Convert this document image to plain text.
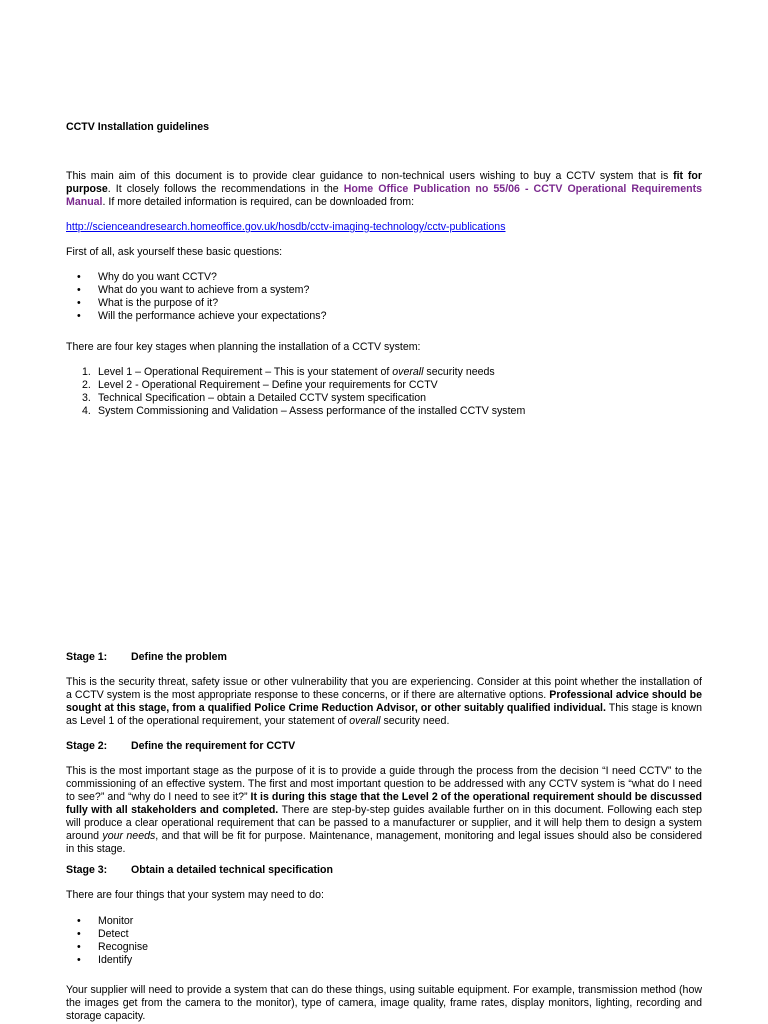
CCTV Installation guidelines
This main aim of this document is to provide clear guidance to non-technical users wishing to buy a CCTV system that is fit for purpose. It closely follows the recommendations in the Home Office Publication no 55/06 - CCTV Operational Requirements Manual. If more detailed information is required, can be downloaded from:
http://scienceandresearch.homeoffice.gov.uk/hosdb/cctv-imaging-technology/cctv-publications
First of all, ask yourself these basic questions:
• Why do you want CCTV?
• What do you want to achieve from a system?
• What is the purpose of it?
• Will the performance achieve your expectations?
There are four key stages when planning the installation of a CCTV system:
1. Level 1 – Operational Requirement – This is your statement of overall security needs
2. Level 2 - Operational Requirement – Define your requirements for CCTV
3. Technical Specification – obtain a Detailed CCTV system specification
4. System Commissioning and Validation – Assess performance of the installed CCTV system
Stage 1: Define the problem
This is the security threat, safety issue or other vulnerability that you are experiencing. Consider at this point whether the installation of a CCTV system is the most appropriate response to these concerns, or if there are alternative options. Professional advice should be sought at this stage, from a qualified Police Crime Reduction Advisor, or other suitably qualified individual. This stage is known as Level 1 of the operational requirement, your statement of overall security need.
Stage 2: Define the requirement for CCTV
This is the most important stage as the purpose of it is to provide a guide through the process from the decision “I need CCTV” to the commissioning of an effective system. The first and most important question to be addressed with any CCTV system is “what do I need to see?” and “why do I need to see it?” It is during this stage that the Level 2 of the operational requirement should be discussed fully with all stakeholders and completed. There are step-by-step guides available further on in this document. Following each step will produce a clear operational requirement that can be passed to a manufacturer or supplier, and it will help them to design a system around your needs, and that will be fit for purpose. Maintenance, management, monitoring and legal issues should also be considered in this stage.
Stage 3: Obtain a detailed technical specification
There are four things that your system may need to do:
• Monitor
• Detect
• Recognise
• Identify
Your supplier will need to provide a system that can do these things, using suitable equipment. For example, transmission method (how the images get from the camera to the monitor), type of camera, image quality, frame rates, display monitors, lighting, recording and storage capacity.
